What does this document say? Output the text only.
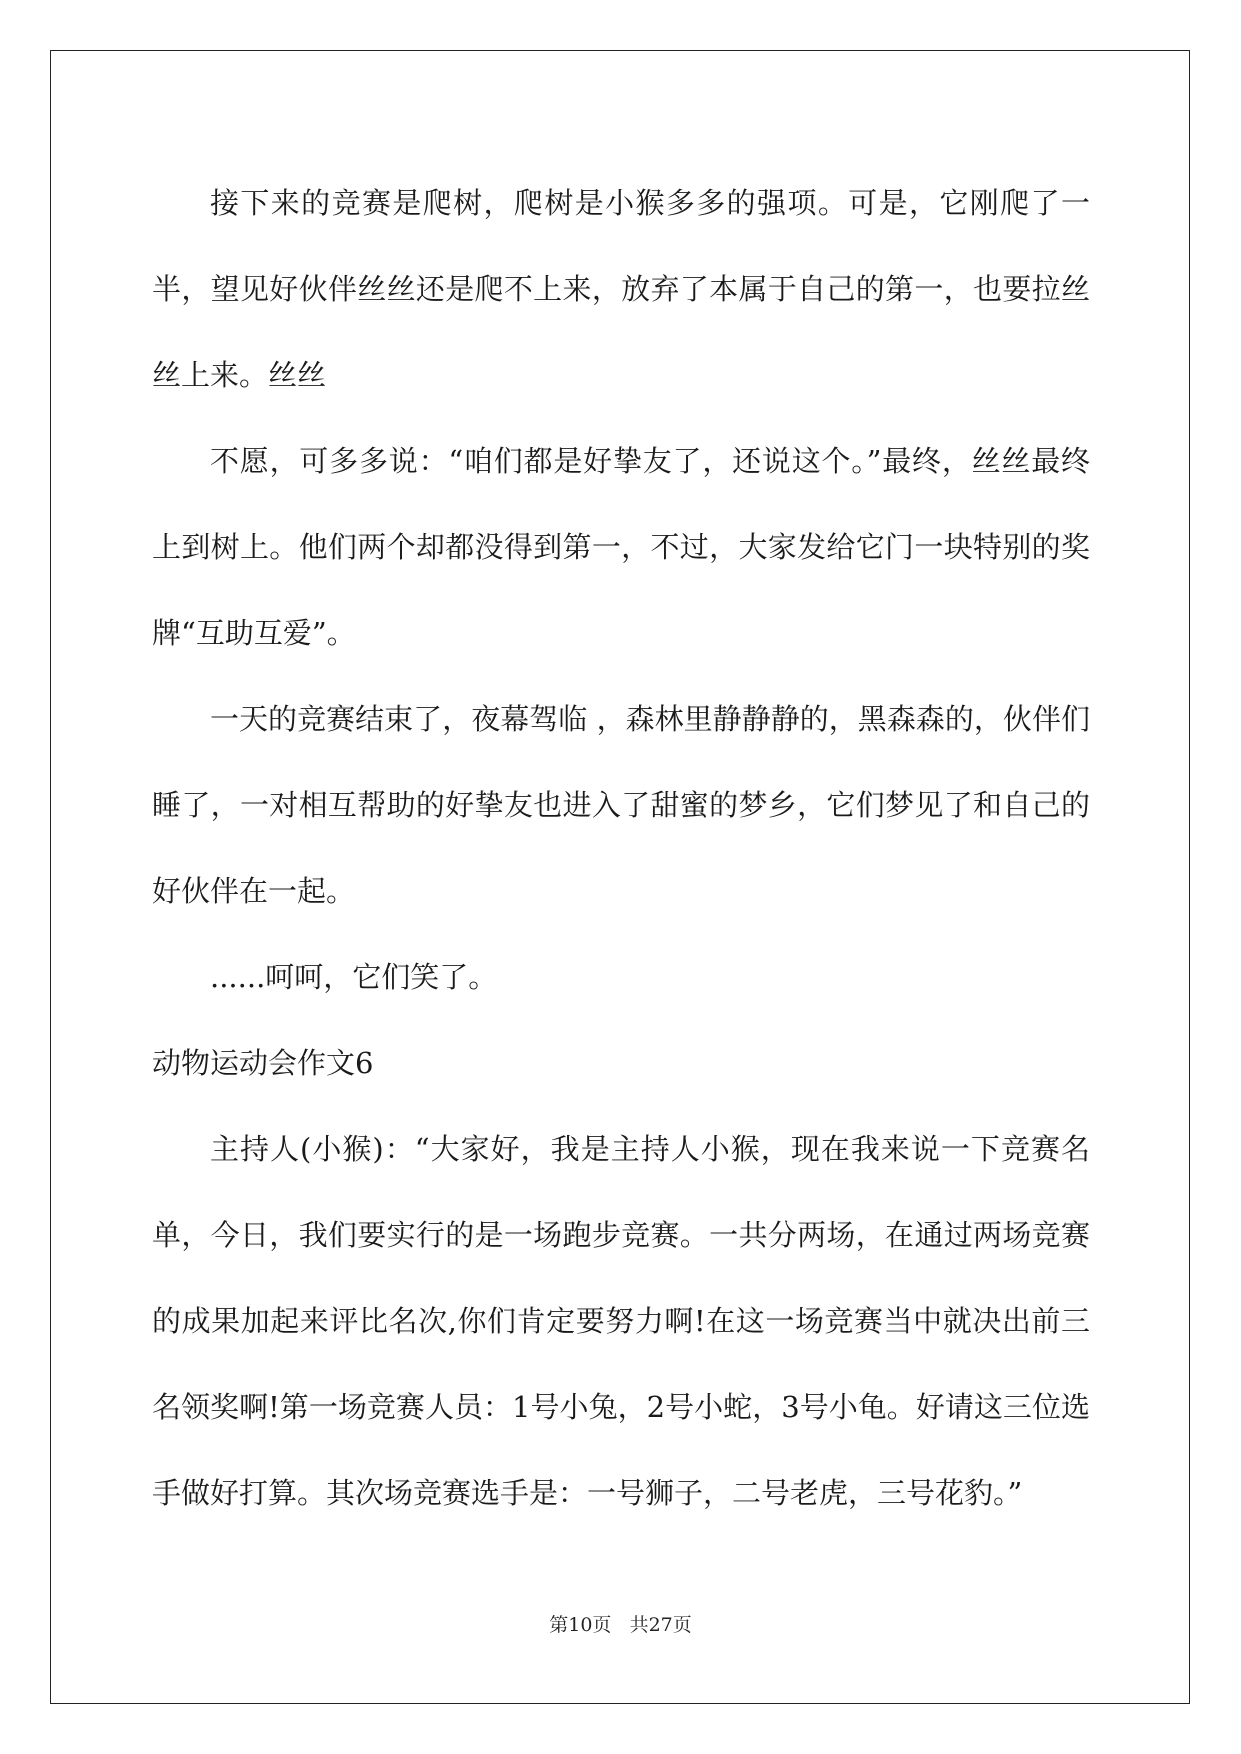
接下来的竞赛是爬树，爬树是小猴多多的强项。可是，它刚爬了一半，望见好伙伴丝丝还是爬不上来，放弃了本属于自己的第一，也要拉丝丝上来。丝丝

不愿，可多多说：“咱们都是好挚友了，还说这个。”最终，丝丝最终上到树上。他们两个却都没得到第一，不过，大家发给它门一块特别的奖牌“互助互爱”。

一天的竞赛结束了，夜幕驾临 ，森林里静静静的，黑森森的，伙伴们睡了，一对相互帮助的好挚友也进入了甜蜜的梦乡，它们梦见了和自己的好伙伴在一起。

......呵呵，它们笑了。

动物运动会作文6

主持人(小猴)：“大家好，我是主持人小猴，现在我来说一下竞赛名单，今日，我们要实行的是一场跑步竞赛。一共分两场，在通过两场竞赛的成果加起来评比名次,你们肯定要努力啊!在这一场竞赛当中就决出前三名领奖啊!第一场竞赛人员：1号小兔，2号小蛇，3号小龟。好请这三位选手做好打算。其次场竞赛选手是：一号狮子，二号老虎，三号花豹。”

第10页 共27页
